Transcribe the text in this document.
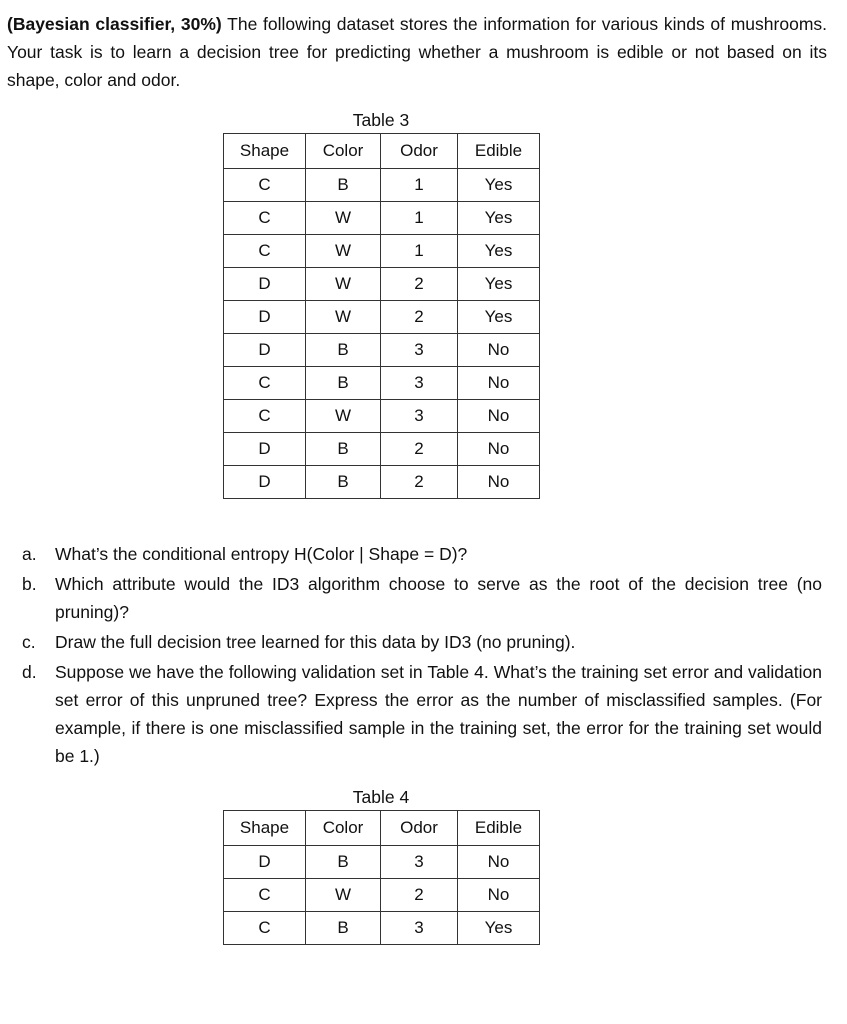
(Bayesian classifier, 30%) The following dataset stores the information for various kinds of mushrooms. Your task is to learn a decision tree for predicting whether a mushroom is edible or not based on its shape, color and odor.

Table 3
Shape	Color	Odor	Edible
C	B	1	Yes
C	W	1	Yes
C	W	1	Yes
D	W	2	Yes
D	W	2	Yes
D	B	3	No
C	B	3	No
C	W	3	No
D	B	2	No
D	B	2	No
a.	What’s the conditional entropy H(Color | Shape = D)?
b.	Which attribute would the ID3 algorithm choose to serve as the root of the decision tree (no pruning)?
c.	Draw the full decision tree learned for this data by ID3 (no pruning).
d.	Suppose we have the following validation set in Table 4. What’s the training set error and validation set error of this unpruned tree? Express the error as the number of misclassified samples. (For example, if there is one misclassified sample in the training set, the error for the training set would be 1.)
Table 4
Shape	Color	Odor	Edible
D	B	3	No
C	W	2	No
C	B	3	Yes
